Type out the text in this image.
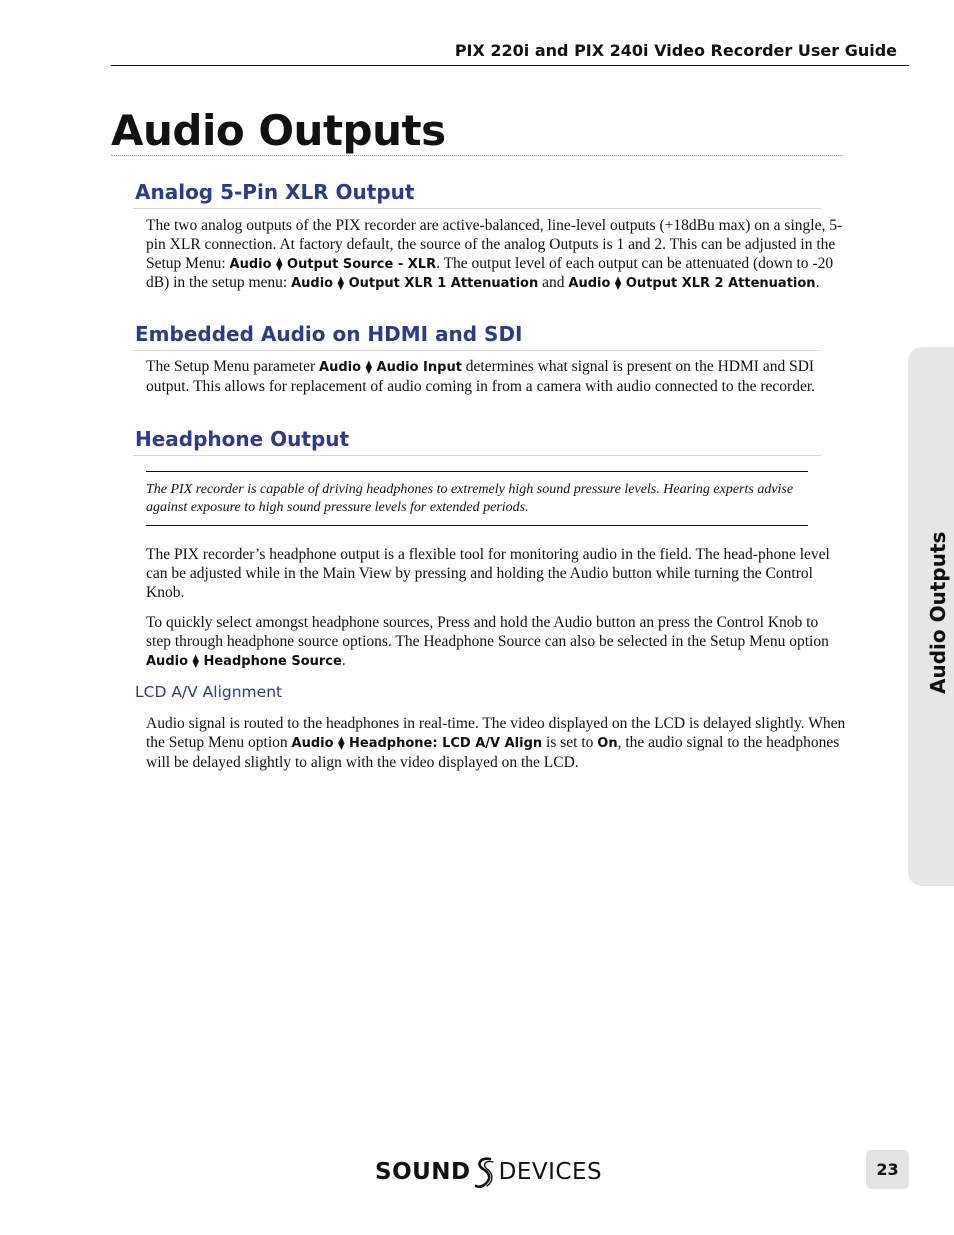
PIX 220i and PIX 240i Video Recorder User Guide
Audio Outputs
Analog 5-Pin XLR Output

The two analog outputs of the PIX recorder are active-balanced, line-level outputs (+18dBu max) on a single, 5-pin XLR connection. At factory default, the source of the analog Outputs is 1 and 2. This can be adjusted in the Setup Menu: Audio ⧫ Output Source - XLR. The output level of each output can be attenuated (down to -20 dB) in the setup menu: Audio ⧫ Output XLR 1 Attenuation and Audio ⧫ Output XLR 2 Attenuation.

Embedded Audio on HDMI and SDI

The Setup Menu parameter Audio ⧫ Audio Input determines what signal is present on the HDMI and SDI output. This allows for replacement of audio coming in from a camera with audio connected to the recorder.

Headphone Output

The PIX recorder is capable of driving headphones to extremely high sound pressure levels. Hearing experts advise against exposure to high sound pressure levels for extended periods.

The PIX recorder’s headphone output is a flexible tool for monitoring audio in the field. The head-phone level can be adjusted while in the Main View by pressing and holding the Audio button while turning the Control Knob.

To quickly select amongst headphone sources, Press and hold the Audio button an press the Control Knob to step through headphone source options. The Headphone Source can also be selected in the Setup Menu option Audio ⧫ Headphone Source.

LCD A/V Alignment

Audio signal is routed to the headphones in real-time. The video displayed on the LCD is delayed slightly. When the Setup Menu option Audio ⧫ Headphone: LCD A/V Align is set to On, the audio signal to the headphones will be delayed slightly to align with the video displayed on the LCD.

Audio Outputs
SOUND DEVICES	23
